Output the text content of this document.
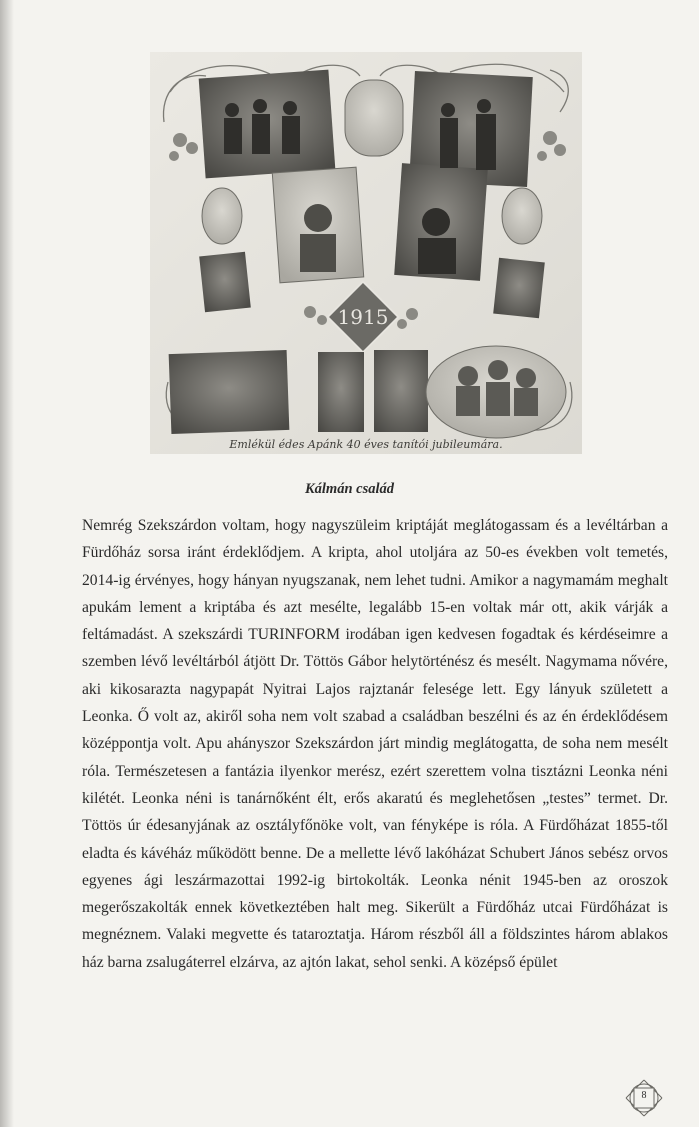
1915
Emlékül édes Apánk 40 éves tanítói jubileumára.

Kálmán család

Nemrég Szekszárdon voltam, hogy nagyszüleim kriptáját meglátogassam és a levéltárban a Fürdőház sorsa iránt érdeklődjem. A kripta, ahol utoljára az 50-es években volt temetés, 2014-ig érvényes, hogy hányan nyugszanak, nem lehet tudni. Amikor a nagymamám meghalt apukám lement a kriptába és azt mesélte, legalább 15-en voltak már ott, akik várják a feltámadást. A szekszárdi TURINFORM irodában igen kedvesen fogadtak és kérdéseimre a szemben lévő levéltárból átjött Dr. Töttös Gábor helytörténész és mesélt. Nagymama nővére, aki kikosarazta nagypapát Nyitrai Lajos rajztanár felesége lett. Egy lányuk született a Leonka. Ő volt az, akiről soha nem volt szabad a családban beszélni és az én érdeklődésem középpontja volt. Apu ahányszor Szekszárdon járt mindig meglátogatta, de soha nem mesélt róla. Természetesen a fantázia ilyenkor merész, ezért szerettem volna tisztázni Leonka néni kilétét. Leonka néni is tanárnőként élt, erős akaratú és meglehetősen „testes” termet. Dr. Töttös úr édesanyjának az osztályfőnöke volt, van fényképe is róla. A Fürdőházat 1855-től eladta és kávéház működött benne. De a mellette lévő lakóházat Schubert János sebész orvos egyenes ági leszármazottai 1992-ig birtokolták. Leonka nénit 1945-ben az oroszok megerőszakolták ennek következtében halt meg. Sikerült a Fürdőház utcai Fürdőházat is megnéznem. Valaki megvette és tataroztatja. Három részből áll a földszintes három ablakos ház barna zsalugáterrel elzárva, az ajtón lakat, sehol senki. A középső épület

8
